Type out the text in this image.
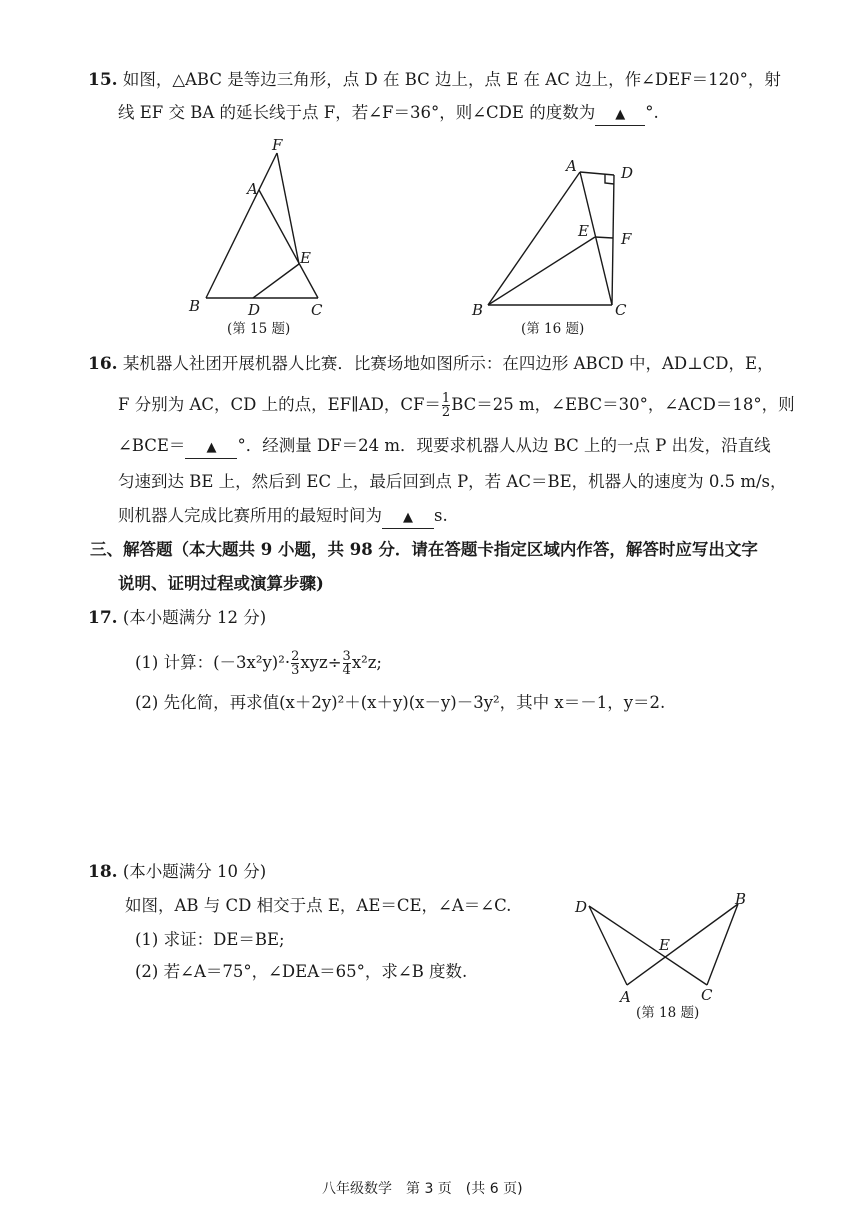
15. 如图，△ABC 是等边三角形，点 D 在 BC 边上，点 E 在 AC 边上，作∠DEF＝120°，射
线 EF 交 BA 的延长线于点 F，若∠F＝36°，则∠CDE 的度数为 ▲ °.
F
A
E
B	D	C
(第 15 题)
A	D
E F
B	C
(第 16 题)
16. 某机器人社团开展机器人比赛．比赛场地如图所示：在四边形 ABCD 中，AD⊥CD，E，
F 分别为 AC，CD 上的点，EF∥AD，$CF= \frac{1}{2} BC=25$ m，∠EBC＝30°，∠ACD＝18°，则
∠BCE＝ ▲ °．经测量 DF＝24 m．现要求机器人从边 BC 上的一点 P 出发，沿直线
匀速到达 BE 上，然后到 EC 上，最后回到点 P，若 AC＝BE，机器人的速度为 0.5 m/s，
则机器人完成比赛所用的最短时间为 ▲ s.
三、解答题（本大题共 9 小题，共 98 分．请在答题卡指定区域内作答，解答时应写出文字
说明、证明过程或演算步骤)
17. (本小题满分 12 分)
(1) 计算：$(-3x^2y)^2\cdot \frac{2}{3} xyz\div \frac{3}{4} x^2z$;
(2) 先化简，再求值(x＋2y)²＋(x＋y)(x－y)－3y²，其中 x＝－1，y＝2.
18. (本小题满分 10 分)
如图，AB 与 CD 相交于点 E，AE＝CE，∠A＝∠C.
(1) 求证：DE＝BE;
(2) 若∠A＝75°，∠DEA＝65°，求∠B 度数.
D	B
E
A	C
(第 18 题)
八年级数学　第 3 页　(共 6 页)
